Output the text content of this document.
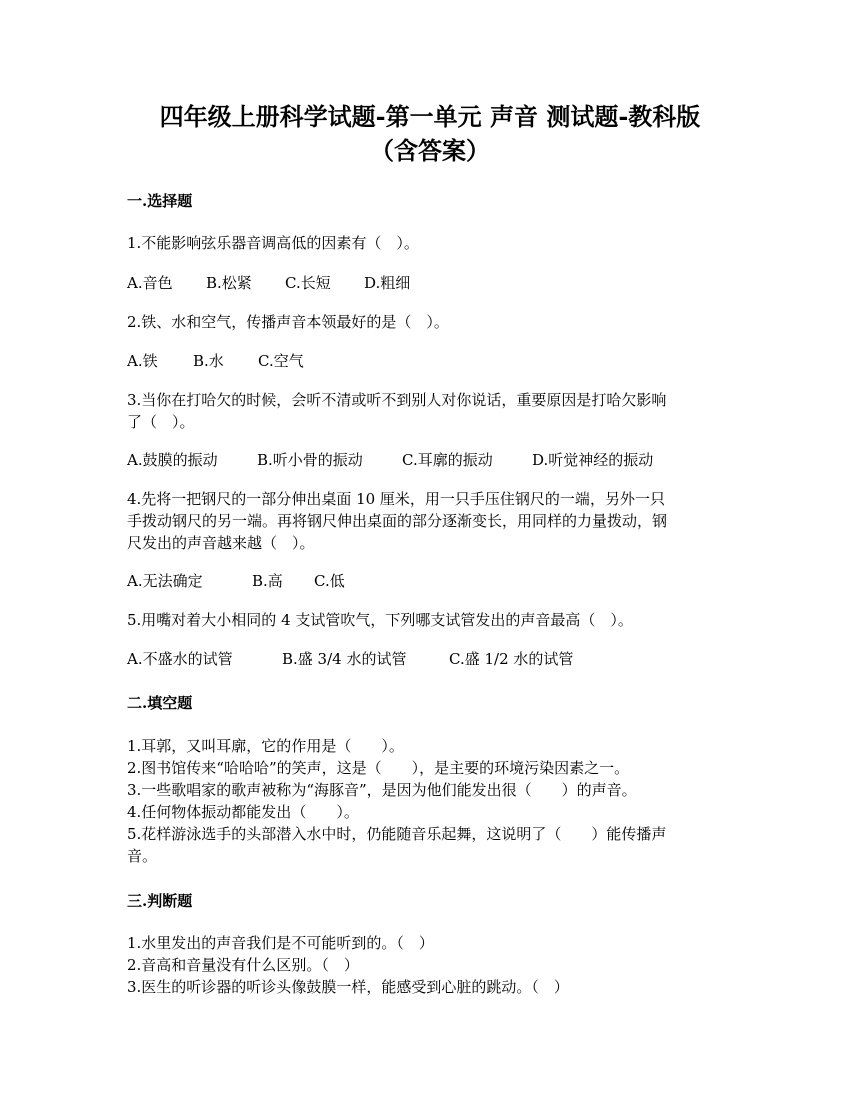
四年级上册科学试题-第一单元 声音 测试题-教科版
（含答案）
一.选择题
1.不能影响弦乐器音调高低的因素有（　）。
A.音色 B.松紧 C.长短 D.粗细
2.铁、水和空气，传播声音本领最好的是（　）。
A.铁 B.水 C.空气
3.当你在打哈欠的时候，会听不清或听不到别人对你说话，重要原因是打哈欠影响
了（　）。
A.鼓膜的振动	B.听小骨的振动	C.耳廓的振动	D.听觉神经的振动
4.先将一把钢尺的一部分伸出桌面 10 厘米，用一只手压住钢尺的一端，另外一只
手拨动钢尺的另一端。再将钢尺伸出桌面的部分逐渐变长，用同样的力量拨动，钢
尺发出的声音越来越（　）。
A.无法确定	B.高 C.低
5.用嘴对着大小相同的 4 支试管吹气，下列哪支试管发出的声音最高（　）。
A.不盛水的试管	B.盛 3/4 水的试管	C.盛 1/2 水的试管
二.填空题
1.耳郭，又叫耳廓，它的作用是（　　）。
2.图书馆传来“哈哈哈”的笑声，这是（　　），是主要的环境污染因素之一。
3.一些歌唱家的歌声被称为“海豚音”，是因为他们能发出很（　　）的声音。
4.任何物体振动都能发出（　　）。
5.花样游泳选手的头部潜入水中时，仍能随音乐起舞，这说明了（　　）能传播声
音。
三.判断题
1.水里发出的声音我们是不可能听到的。（　）
2.音高和音量没有什么区别。（　）
3.医生的听诊器的听诊头像鼓膜一样，能感受到心脏的跳动。（　）
